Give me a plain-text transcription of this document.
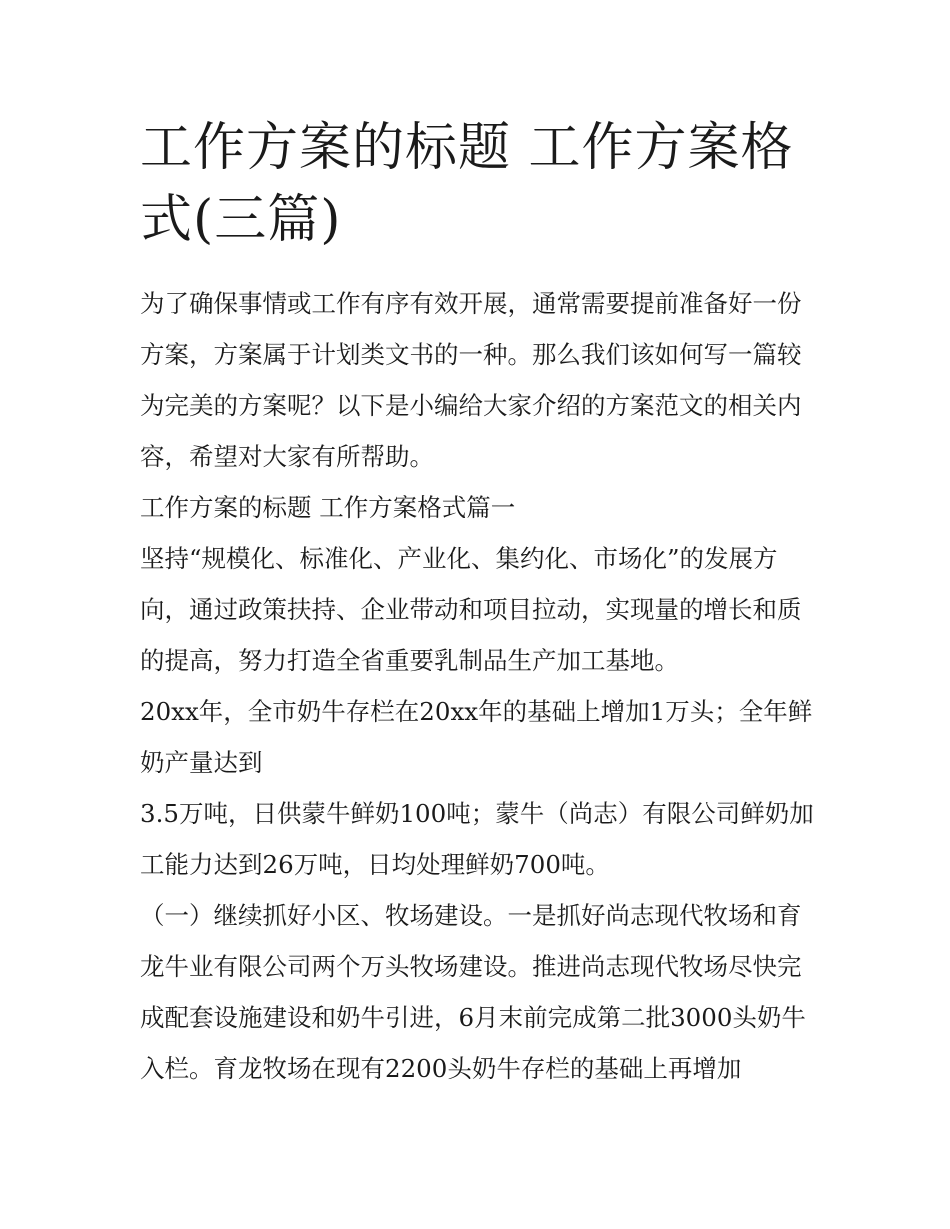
工作方案的标题 工作方案格式(三篇)

为了确保事情或工作有序有效开展，通常需要提前准备好一份方案，方案属于计划类文书的一种。那么我们该如何写一篇较为完美的方案呢？以下是小编给大家介绍的方案范文的相关内容，希望对大家有所帮助。

工作方案的标题 工作方案格式篇一

坚持“规模化、标准化、产业化、集约化、市场化”的发展方向，通过政策扶持、企业带动和项目拉动，实现量的增长和质的提高，努力打造全省重要乳制品生产加工基地。

20xx年，全市奶牛存栏在20xx年的基础上增加1万头；全年鲜奶产量达到

3.5万吨，日供蒙牛鲜奶100吨；蒙牛（尚志）有限公司鲜奶加工能力达到26万吨，日均处理鲜奶700吨。

（一）继续抓好小区、牧场建设。一是抓好尚志现代牧场和育龙牛业有限公司两个万头牧场建设。推进尚志现代牧场尽快完成配套设施建设和奶牛引进，6月末前完成第二批3000头奶牛入栏。育龙牧场在现有2200头奶牛存栏的基础上再增加
